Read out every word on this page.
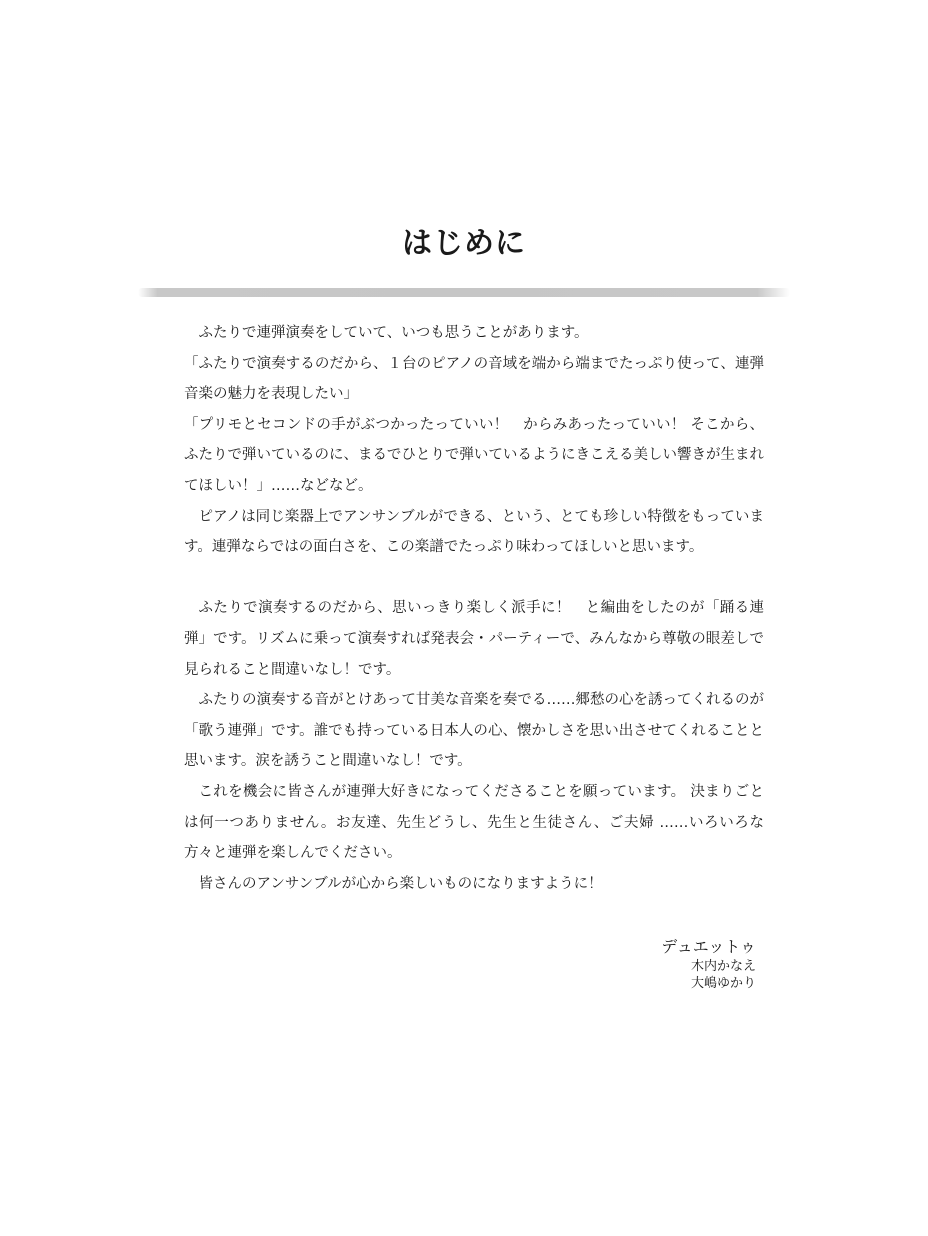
はじめに

ふたりで連弾演奏をしていて、いつも思うことがあります。

「ふたりで演奏するのだから、１台のピアノの音域を端から端までたっぷり使って、連弾音楽の魅力を表現したい」

「プリモとセコンドの手がぶつかったっていい！　からみあったっていい！ そこから、ふたりで弾いているのに、まるでひとりで弾いているようにきこえる美しい響きが生まれてほしい！」……などなど。

ピアノは同じ楽器上でアンサンブルができる、という、とても珍しい特徴をもっています。連弾ならではの面白さを、この楽譜でたっぷり味わってほしいと思います。

ふたりで演奏するのだから、思いっきり楽しく派手に！　と編曲をしたのが「踊る連弾」です。リズムに乗って演奏すれば発表会・パーティーで、みんなから尊敬の眼差しで見られること間違いなし！です。

ふたりの演奏する音がとけあって甘美な音楽を奏でる……郷愁の心を誘ってくれるのが「歌う連弾」です。誰でも持っている日本人の心、懐かしさを思い出させてくれることと思います。涙を誘うこと間違いなし！です。

これを機会に皆さんが連弾大好きになってくださることを願っています。 決まりごとは何一つありません。お友達、先生どうし、先生と生徒さん、ご夫婦 ……いろいろな方々と連弾を楽しんでください。

皆さんのアンサンブルが心から楽しいものになりますように！

デュエットゥ
木内かなえ
大嶋ゆかり
